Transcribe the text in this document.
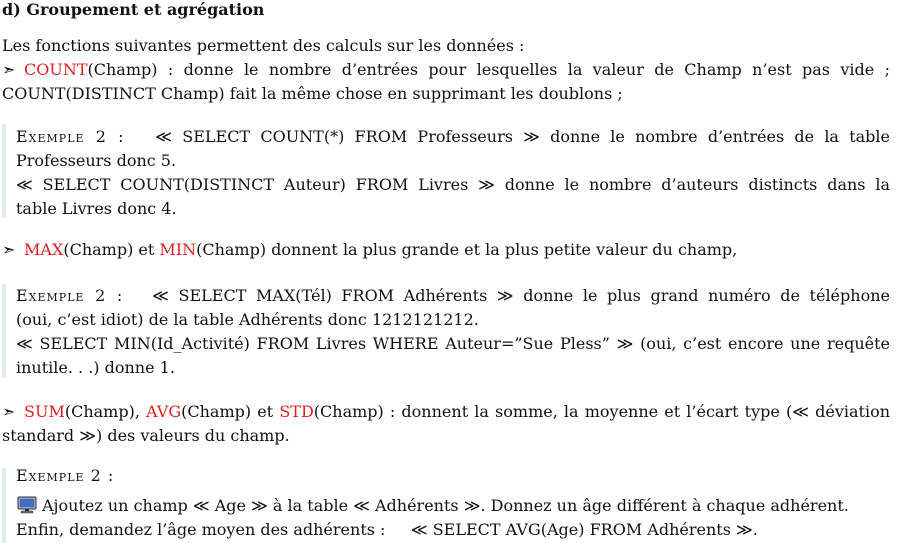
d) Groupement et agrégation
Les fonctions suivantes permettent des calculs sur les données :
➣ COUNT(Champ) : donne le nombre d’entrées pour lesquelles la valeur de Champ n’est pas vide ;
COUNT(DISTINCT Champ) fait la même chose en supprimant les doublons ;
Exemple 2 : ≪ SELECT COUNT(*) FROM Professeurs ≫ donne le nombre d’entrées de la table
Professeurs donc 5.
≪ SELECT COUNT(DISTINCT Auteur) FROM Livres ≫ donne le nombre d’auteurs distincts dans la
table Livres donc 4.
➣ MAX(Champ) et MIN(Champ) donnent la plus grande et la plus petite valeur du champ,
Exemple 2 : ≪ SELECT MAX(Tél) FROM Adhérents ≫ donne le plus grand numéro de téléphone
(oui, c’est idiot) de la table Adhérents donc 1212121212.
≪ SELECT MIN(Id_Activité) FROM Livres WHERE Auteur=”Sue Pless” ≫ (oui, c’est encore une requête
inutile. . .) donne 1.
➣ SUM(Champ), AVG(Champ) et STD(Champ) : donnent la somme, la moyenne et l’écart type (≪ déviation
standard ≫) des valeurs du champ.
Exemple 2 :
Ajoutez un champ ≪ Age ≫ à la table ≪ Adhérents ≫. Donnez un âge différent à chaque adhérent.
Enfin, demandez l’âge moyen des adhérents :     ≪ SELECT AVG(Age) FROM Adhérents ≫.
